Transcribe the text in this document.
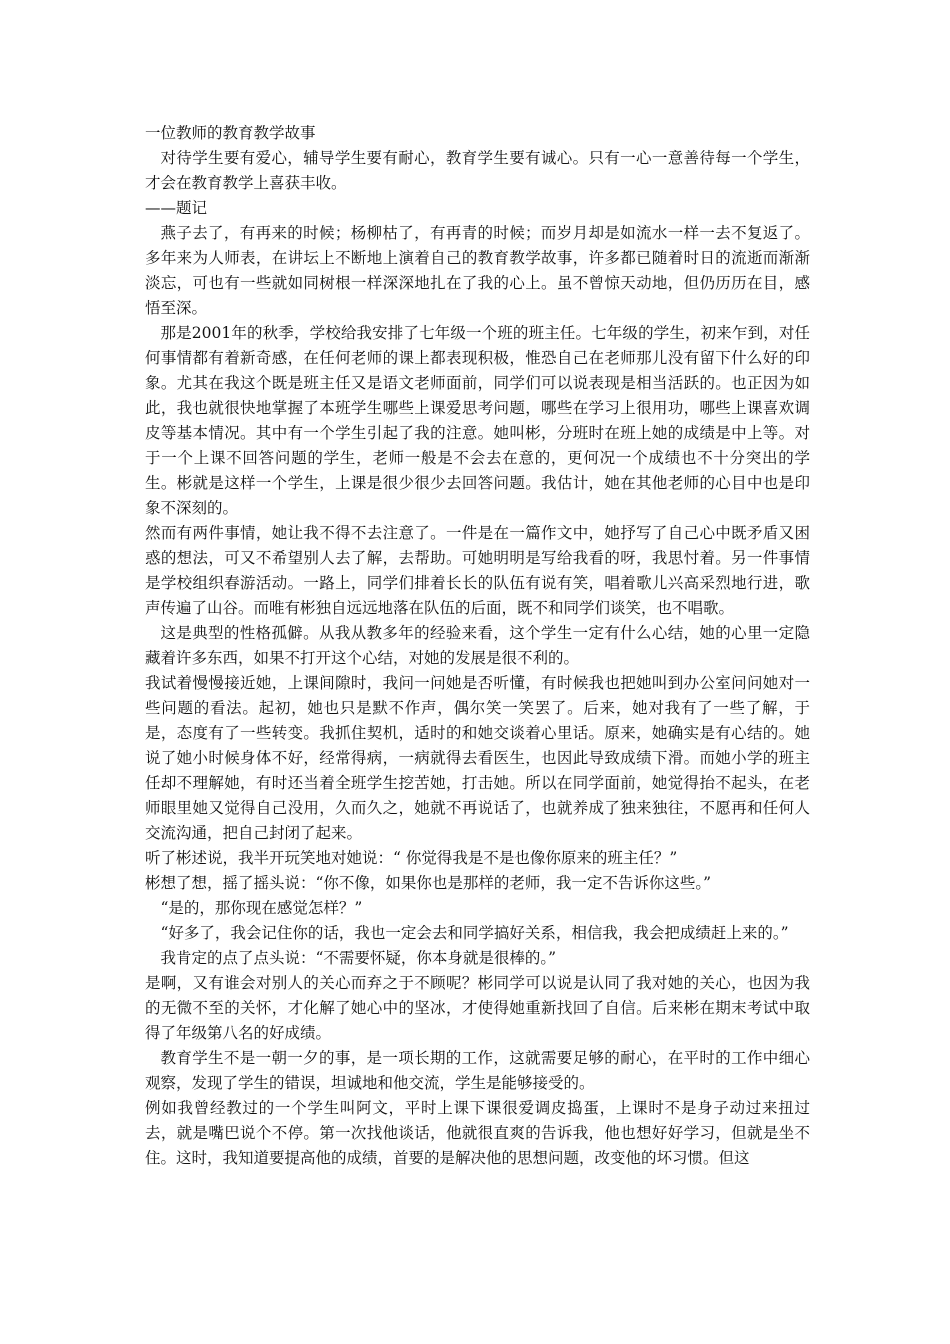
一位教师的教育教学故事

对待学生要有爱心，辅导学生要有耐心，教育学生要有诚心。只有一心一意善待每一个学生，才会在教育教学上喜获丰收。

——题记

燕子去了，有再来的时候；杨柳枯了，有再青的时候；而岁月却是如流水一样一去不复返了。多年来为人师表，在讲坛上不断地上演着自己的教育教学故事，许多都已随着时日的流逝而渐渐淡忘，可也有一些就如同树根一样深深地扎在了我的心上。虽不曾惊天动地，但仍历历在目，感悟至深。

那是2001年的秋季，学校给我安排了七年级一个班的班主任。七年级的学生，初来乍到，对任何事情都有着新奇感，在任何老师的课上都表现积极，惟恐自己在老师那儿没有留下什么好的印象。尤其在我这个既是班主任又是语文老师面前，同学们可以说表现是相当活跃的。也正因为如此，我也就很快地掌握了本班学生哪些上课爱思考问题，哪些在学习上很用功，哪些上课喜欢调皮等基本情况。其中有一个学生引起了我的注意。她叫彬，分班时在班上她的成绩是中上等。对于一个上课不回答问题的学生，老师一般是不会去在意的，更何况一个成绩也不十分突出的学生。彬就是这样一个学生，上课是很少很少去回答问题。我估计，她在其他老师的心目中也是印象不深刻的。

然而有两件事情，她让我不得不去注意了。一件是在一篇作文中，她抒写了自己心中既矛盾又困惑的想法，可又不希望别人去了解，去帮助。可她明明是写给我看的呀，我思忖着。另一件事情是学校组织春游活动。一路上，同学们排着长长的队伍有说有笑，唱着歌儿兴高采烈地行进，歌声传遍了山谷。而唯有彬独自远远地落在队伍的后面，既不和同学们谈笑，也不唱歌。

这是典型的性格孤僻。从我从教多年的经验来看，这个学生一定有什么心结，她的心里一定隐藏着许多东西，如果不打开这个心结，对她的发展是很不利的。

我试着慢慢接近她，上课间隙时，我问一问她是否听懂，有时候我也把她叫到办公室问问她对一些问题的看法。起初，她也只是默不作声，偶尔笑一笑罢了。后来，她对我有了一些了解，于是，态度有了一些转变。我抓住契机，适时的和她交谈着心里话。原来，她确实是有心结的。她说了她小时候身体不好，经常得病，一病就得去看医生，也因此导致成绩下滑。而她小学的班主任却不理解她，有时还当着全班学生挖苦她，打击她。所以在同学面前，她觉得抬不起头，在老师眼里她又觉得自己没用，久而久之，她就不再说话了，也就养成了独来独往，不愿再和任何人交流沟通，把自己封闭了起来。

听了彬述说，我半开玩笑地对她说：“ 你觉得我是不是也像你原来的班主任？”

彬想了想，摇了摇头说：“你不像，如果你也是那样的老师，我一定不告诉你这些。”

“是的，那你现在感觉怎样？”

“好多了，我会记住你的话，我也一定会去和同学搞好关系，相信我，我会把成绩赶上来的。”

我肯定的点了点头说：“不需要怀疑，你本身就是很棒的。”

是啊，又有谁会对别人的关心而弃之于不顾呢？彬同学可以说是认同了我对她的关心，也因为我的无微不至的关怀，才化解了她心中的坚冰，才使得她重新找回了自信。后来彬在期末考试中取得了年级第八名的好成绩。

教育学生不是一朝一夕的事，是一项长期的工作，这就需要足够的耐心，在平时的工作中细心观察，发现了学生的错误，坦诚地和他交流，学生是能够接受的。

例如我曾经教过的一个学生叫阿文，平时上课下课很爱调皮捣蛋，上课时不是身子动过来扭过去，就是嘴巴说个不停。第一次找他谈话，他就很直爽的告诉我，他也想好好学习，但就是坐不住。这时，我知道要提高他的成绩，首要的是解决他的思想问题，改变他的坏习惯。但这
